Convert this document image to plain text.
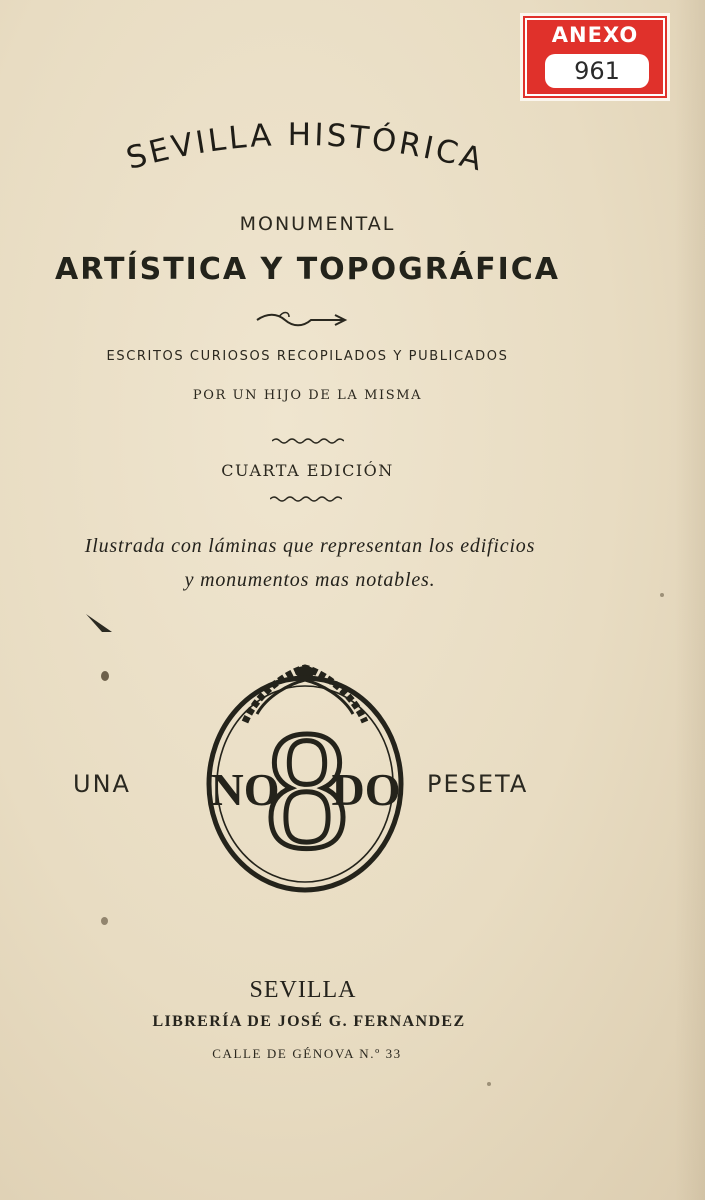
ANEXO
961
SEVILLA HISTÓRICA
MONUMENTAL
ARTÍSTICA Y TOPOGRÁFICA
ESCRITOS CURIOSOS RECOPILADOS Y PUBLICADOS
POR UN HIJO DE LA MISMA
CUARTA EDICIÓN
Ilustrada con láminas que representan los edificios
y monumentos mas notables.
UNA	PESETA
NO
8
DO
SEVILLA
LIBRERÍA DE JOSÉ G. FERNANDEZ
CALLE DE GÉNOVA N.º 33
